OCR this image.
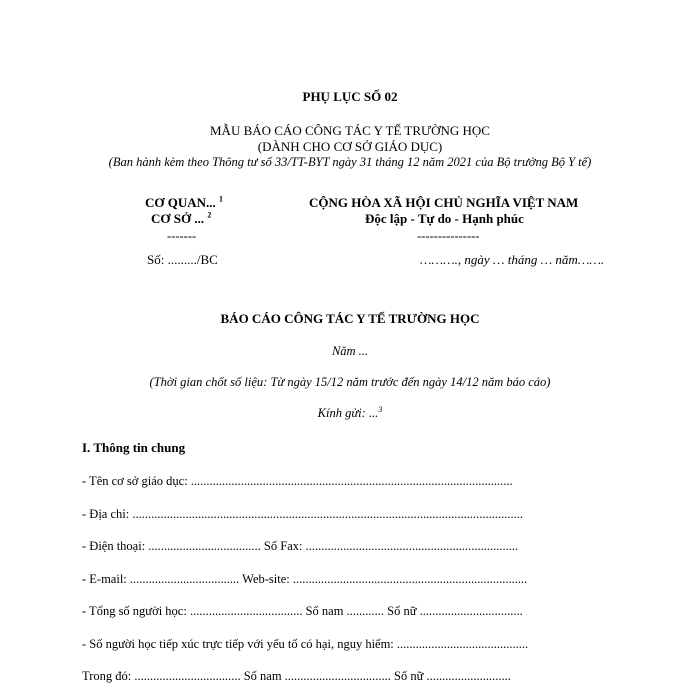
PHỤ LỤC SỐ 02
MẪU BÁO CÁO CÔNG TÁC Y TẾ TRƯỜNG HỌC
(DÀNH CHO CƠ SỞ GIÁO DỤC)
(Ban hành kèm theo Thông tư số 33/TT-BYT ngày 31 tháng 12 năm 2021 của Bộ trưởng Bộ Y tế)
CƠ QUAN... $^1$
CƠ SỞ ... $^2$
-------
Số: ........./BC
CỘNG HÒA XÃ HỘI CHỦ NGHĨA VIỆT NAM
Độc lập - Tự do - Hạnh phúc
---------------
………., ngày … tháng … năm…….
BÁO CÁO CÔNG TÁC Y TẾ TRƯỜNG HỌC
Năm ...
(Thời gian chốt số liệu: Từ ngày 15/12 năm trước đến ngày 14/12 năm báo cáo)
Kính gửi: ...$^3$
I. Thông tin chung
- Tên cơ sở giáo dục: .......................................................................................................
- Địa chỉ: .............................................................................................................................
- Điện thoại: .................................... Số Fax: ....................................................................
- E-mail: ................................... Web-site: ...........................................................................
- Tổng số người học: .................................... Số nam ............ Số nữ .................................
- Số người học tiếp xúc trực tiếp với yếu tố có hại, nguy hiểm: ..........................................
Trong đó: .................................. Số nam .................................. Số nữ ...........................
